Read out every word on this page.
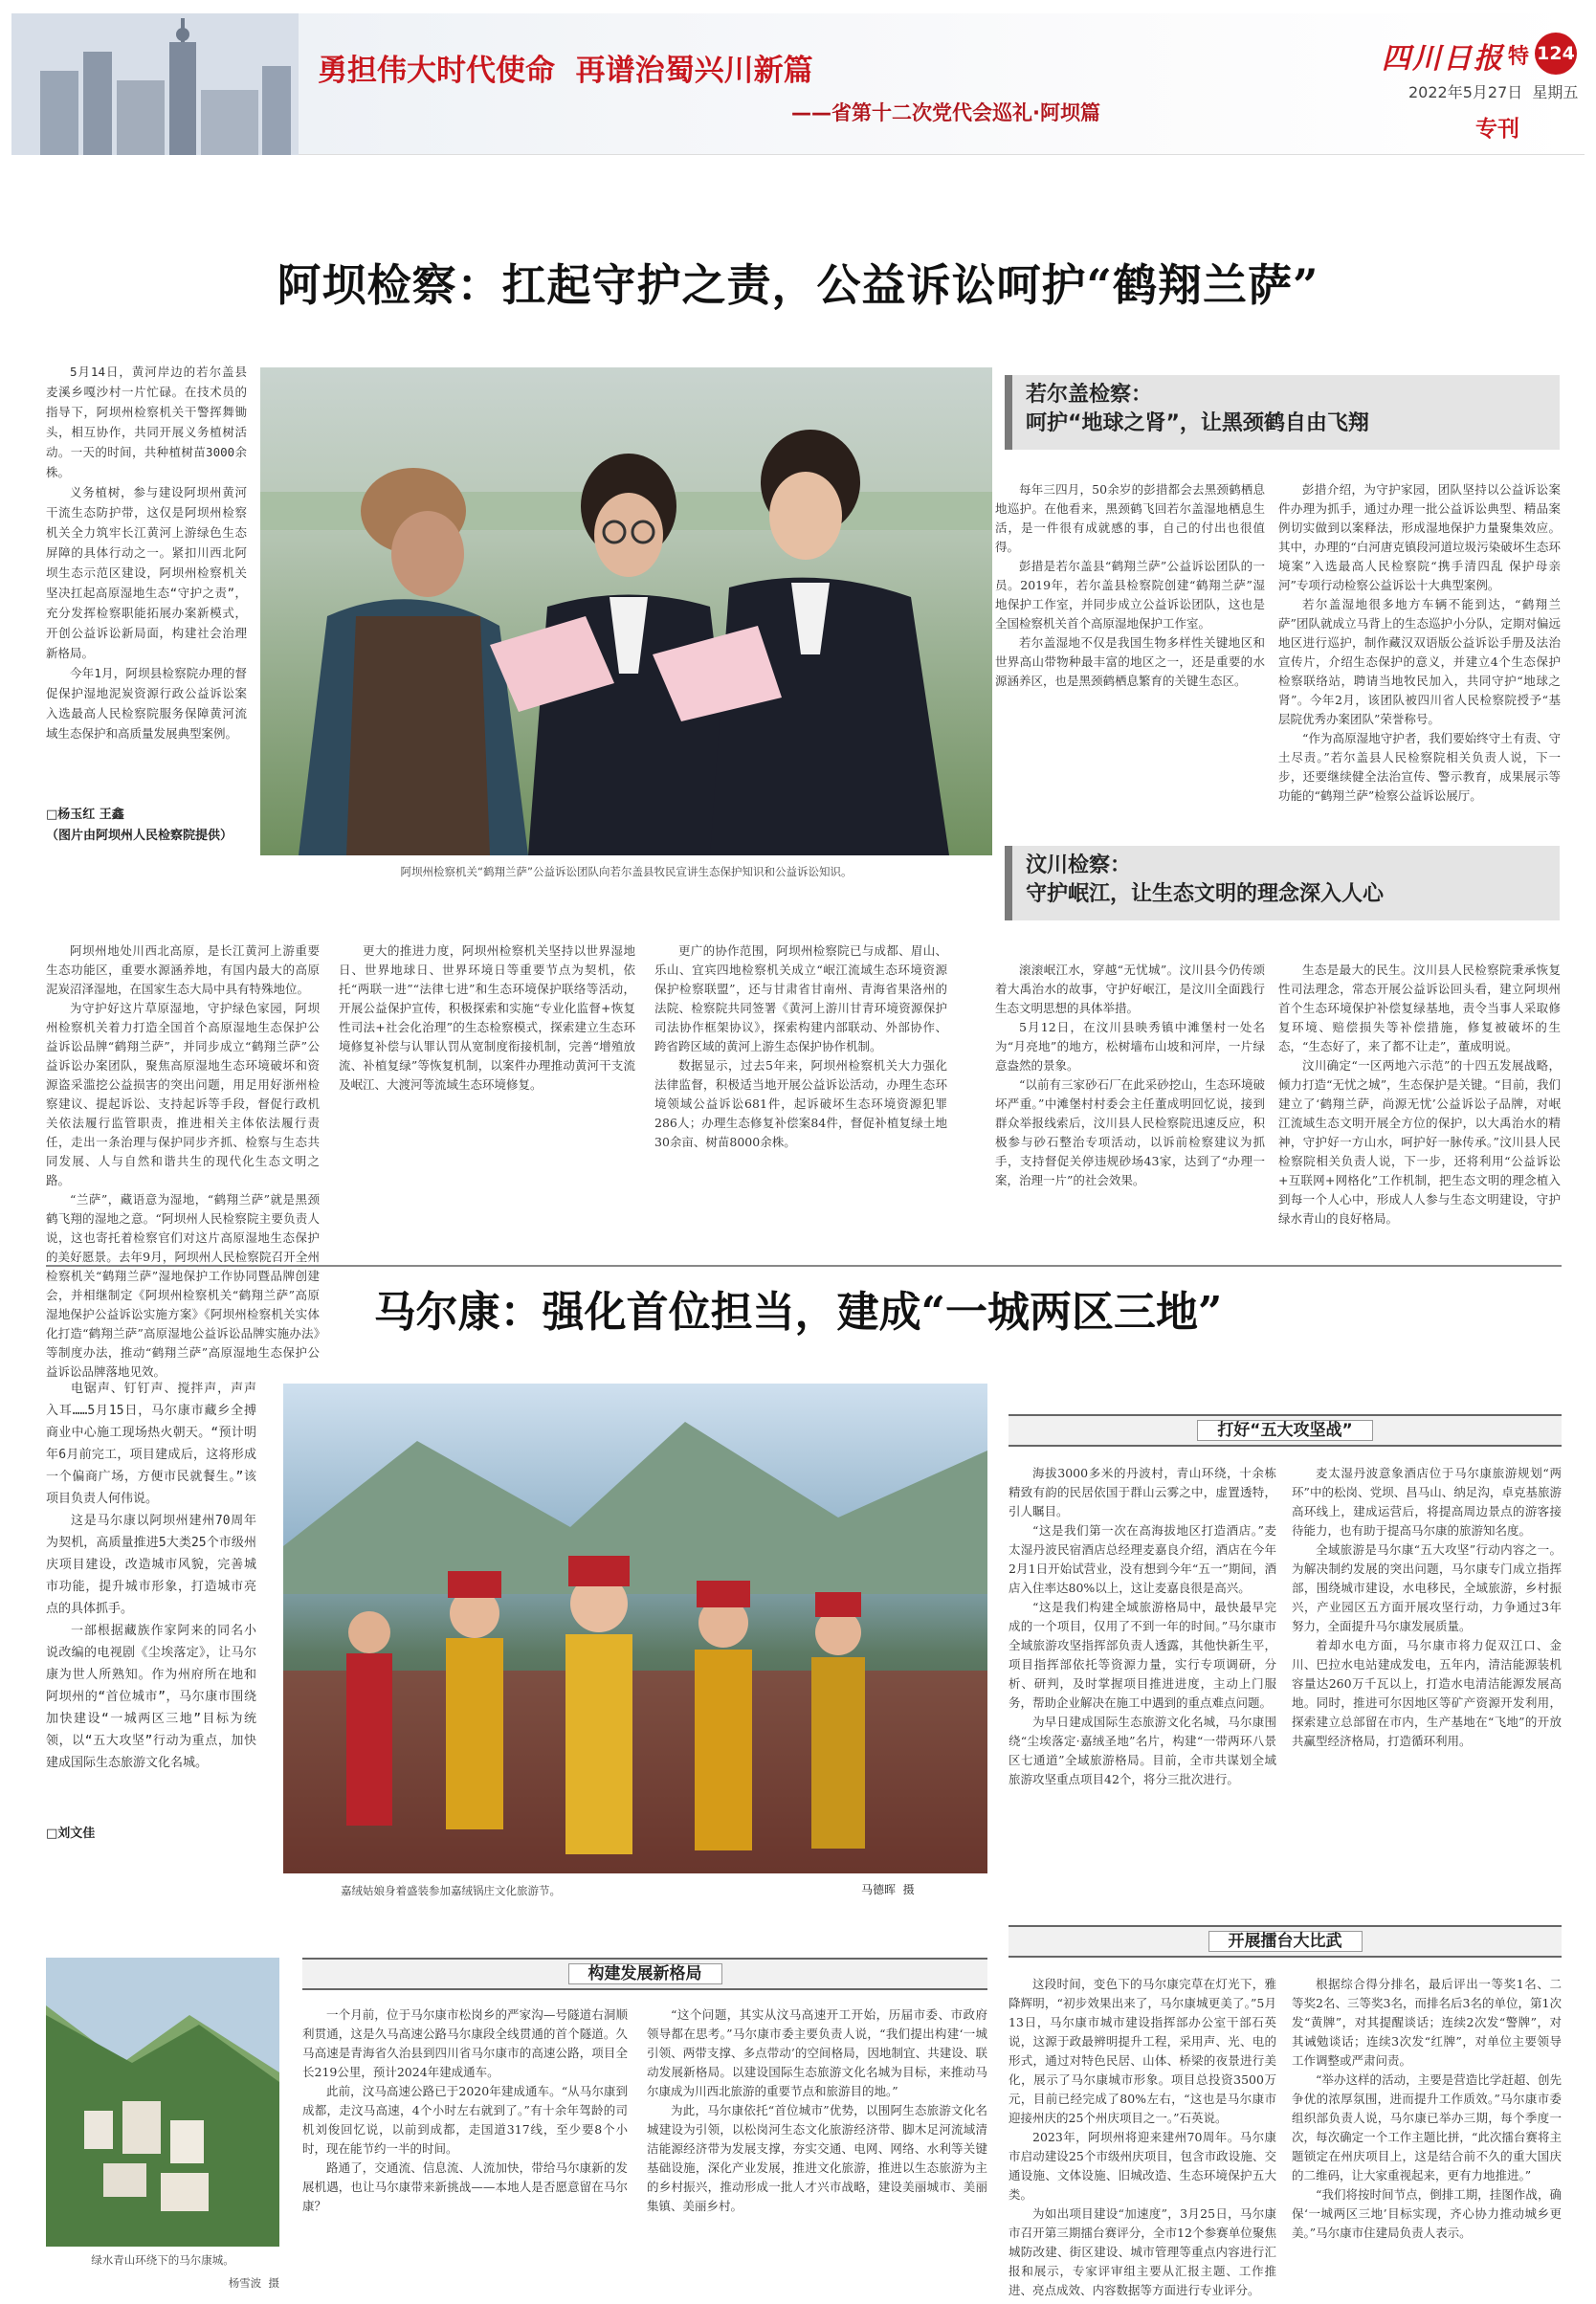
勇担伟大时代使命  再谱治蜀兴川新篇
——省第十二次党代会巡礼·阿坝篇
四川日报 特 124
2022年5月27日  星期五
专刊
阿坝检察：扛起守护之责，公益诉讼呵护“鹤翔兰萨”

5月14日，黄河岸边的若尔盖县麦溪乡嘎沙村一片忙碌。在技术员的指导下，阿坝州检察机关干警挥舞锄头，相互协作，共同开展义务植树活动。一天的时间，共种植树苗3000余株。

义务植树，参与建设阿坝州黄河干流生态防护带，这仅是阿坝州检察机关全力筑牢长江黄河上游绿色生态屏障的具体行动之一。紧扣川西北阿坝生态示范区建设，阿坝州检察机关坚决扛起高原湿地生态“守护之责”，充分发挥检察职能拓展办案新模式，开创公益诉讼新局面，构建社会治理新格局。

今年1月，阿坝县检察院办理的督促保护湿地泥炭资源行政公益诉讼案入选最高人民检察院服务保障黄河流域生态保护和高质量发展典型案例。

□杨玉红 王鑫
（图片由阿坝州人民检察院提供）
阿坝州检察机关“鹤翔兰萨”公益诉讼团队向若尔盖县牧民宣讲生态保护知识和公益诉讼知识。
若尔盖检察：
呵护“地球之肾”，让黑颈鹤自由飞翔

每年三四月，50余岁的彭措都会去黑颈鹤栖息地巡护。在他看来，黑颈鹤飞回若尔盖湿地栖息生活，是一件很有成就感的事，自己的付出也很值得。

彭措是若尔盖县“鹤翔兰萨”公益诉讼团队的一员。2019年，若尔盖县检察院创建“鹤翔兰萨”湿地保护工作室，并同步成立公益诉讼团队，这也是全国检察机关首个高原湿地保护工作室。

若尔盖湿地不仅是我国生物多样性关键地区和世界高山带物种最丰富的地区之一，还是重要的水源涵养区，也是黑颈鹤栖息繁育的关键生态区。

彭措介绍，为守护家园，团队坚持以公益诉讼案件办理为抓手，通过办理一批公益诉讼典型、精品案例切实做到以案释法，形成湿地保护力量聚集效应。其中，办理的“白河唐克镇段河道垃圾污染破坏生态环境案”入选最高人民检察院“携手清四乱 保护母亲河”专项行动检察公益诉讼十大典型案例。

若尔盖湿地很多地方车辆不能到达，“鹤翔兰萨”团队就成立马背上的生态巡护小分队，定期对偏远地区进行巡护，制作藏汉双语版公益诉讼手册及法治宣传片，介绍生态保护的意义，并建立4个生态保护检察联络站，聘请当地牧民加入，共同守护“地球之肾”。今年2月，该团队被四川省人民检察院授予“基层院优秀办案团队”荣誉称号。

“作为高原湿地守护者，我们要始终守土有责、守土尽责。”若尔盖县人民检察院相关负责人说，下一步，还要继续健全法治宣传、警示教育，成果展示等功能的“鹤翔兰萨”检察公益诉讼展厅。

汶川检察：
守护岷江，让生态文明的理念深入人心

阿坝州地处川西北高原，是长江黄河上游重要生态功能区，重要水源涵养地，有国内最大的高原泥炭沼泽湿地，在国家生态大局中具有特殊地位。

为守护好这片草原湿地，守护绿色家园，阿坝州检察机关着力打造全国首个高原湿地生态保护公益诉讼品牌“鹤翔兰萨”，并同步成立“鹤翔兰萨”公益诉讼办案团队，聚焦高原湿地生态环境破坏和资源盗采滥挖公益损害的突出问题，用足用好浙州检察建议、提起诉讼、支持起诉等手段，督促行政机关依法履行监管职责，推进相关主体依法履行责任，走出一条治理与保护同步齐抓、检察与生态共同发展、人与自然和谐共生的现代化生态文明之路。

“兰萨”，藏语意为湿地，“鹤翔兰萨”就是黑颈鹤飞翔的湿地之意。“阿坝州人民检察院主要负责人说，这也寄托着检察官们对这片高原湿地生态保护的美好愿景。去年9月，阿坝州人民检察院召开全州检察机关“鹤翔兰萨”湿地保护工作协同暨品牌创建会，并相继制定《阿坝州检察机关“鹤翔兰萨”高原湿地保护公益诉讼实施方案》《阿坝州检察机关实体化打造“鹤翔兰萨”高原湿地公益诉讼品牌实施办法》等制度办法，推动“鹤翔兰萨”高原湿地生态保护公益诉讼品牌落地见效。

更大的推进力度，阿坝州检察机关坚持以世界湿地日、世界地球日、世界环境日等重要节点为契机，依托“两联一进”“法律七进”和生态环境保护联络等活动，开展公益保护宣传，积极探索和实施“专业化监督+恢复性司法+社会化治理”的生态检察模式，探索建立生态环境修复补偿与认罪认罚从宽制度衔接机制，完善“增殖放流、补植复绿”等恢复机制，以案件办理推动黄河干支流及岷江、大渡河等流域生态环境修复。

更广的协作范围，阿坝州检察院已与成都、眉山、乐山、宜宾四地检察机关成立“岷江流域生态环境资源保护检察联盟”，还与甘肃省甘南州、青海省果洛州的法院、检察院共同签署《黄河上游川甘青环境资源保护司法协作框架协议》，探索构建内部联动、外部协作、跨省跨区域的黄河上游生态保护协作机制。

数据显示，过去5年来，阿坝州检察机关大力强化法律监督，积极适当地开展公益诉讼活动，办理生态环境领域公益诉讼681件，起诉破坏生态环境资源犯罪286人；办理生态修复补偿案84件，督促补植复绿土地30余亩、树苗8000余株。

滚滚岷江水，穿越“无忧城”。汶川县今仍传颂着大禹治水的故事，守护好岷江，是汶川全面践行生态文明思想的具体举措。

5月12日，在汶川县映秀镇中滩堡村一处名为“月亮地”的地方，松树墙布山坡和河岸，一片绿意盎然的景象。

“以前有三家砂石厂在此采砂挖山，生态环境破坏严重。”中滩堡村村委会主任董成明回忆说，接到群众举报线索后，汶川县人民检察院迅速反应，积极参与砂石整治专项活动，以诉前检察建议为抓手，支持督促关停违规砂场43家，达到了“办理一案，治理一片”的社会效果。

生态是最大的民生。汶川县人民检察院秉承恢复性司法理念，常态开展公益诉讼回头看，建立阿坝州首个生态环境保护补偿复绿基地，责令当事人采取修复环境、赔偿损失等补偿措施，修复被破坏的生态，“生态好了，来了都不让走”，董成明说。

汶川确定“一区两地六示范”的十四五发展战略，倾力打造“无忧之城”，生态保护是关键。“目前，我们建立了‘鹤翔兰萨，尚源无忧’公益诉讼子品牌，对岷江流域生态文明开展全方位的保护，以大禹治水的精神，守护好一方山水，呵护好一脉传承。”汶川县人民检察院相关负责人说，下一步，还将利用“公益诉讼+互联网+网格化”工作机制，把生态文明的理念植入到每一个人心中，形成人人参与生态文明建设，守护绿水青山的良好格局。

马尔康：强化首位担当，建成“一城两区三地”

电锯声、钉钉声、搅拌声，声声入耳……5月15日，马尔康市藏乡全搏商业中心施工现场热火朝天。“预计明年6月前完工，项目建成后，这将形成一个偏商广场，方便市民就餐生。”该项目负责人何伟说。

这是马尔康以阿坝州建州70周年为契机，高质量推进5大类25个市级州庆项目建设，改造城市风貌，完善城市功能，提升城市形象，打造城市亮点的具体抓手。

一部根据藏族作家阿来的同名小说改编的电视剧《尘埃落定》，让马尔康为世人所熟知。作为州府所在地和阿坝州的“首位城市”，马尔康市围绕加快建设“一城两区三地”目标为统领，以“五大攻坚”行动为重点，加快建成国际生态旅游文化名城。

□刘文佳
嘉绒姑娘身着盛装参加嘉绒锅庄文化旅游节。	马德晖  摄
绿水青山环绕下的马尔康城。
杨雪波  摄
打好“五大攻坚战”

海拔3000多米的丹波村，青山环绕，十余栋精致有韵的民居依国于群山云雾之中，虚置透特，引人瞩目。

“这是我们第一次在高海拔地区打造酒店。”麦太湿丹波民宿酒店总经理麦嘉良介绍，酒店在今年2月1日开始试营业，没有想到今年“五一”期间，酒店入住率达80%以上，这让麦嘉良很是高兴。

“这是我们构建全域旅游格局中，最快最早完成的一个项目，仅用了不到一年的时间。”马尔康市全域旅游攻坚指挥部负责人透露，其他快新生平，项目指挥部依托等资源力量，实行专项调研，分析、研判，及时掌握项目推进进度，主动上门服务，帮助企业解决在施工中遇到的重点难点问题。

为早日建成国际生态旅游文化名城，马尔康围绕“尘埃落定·嘉绒圣地”名片，构建“一带两环八景区七通道”全域旅游格局。目前，全市共谋划全域旅游攻坚重点项目42个，将分三批次进行。

麦太湿丹波意象酒店位于马尔康旅游规划“两环”中的松岗、党坝、昌马山、纳足沟，卓克基旅游高环线上，建成运营后，将提高周边景点的游客接待能力，也有助于提高马尔康的旅游知名度。

全域旅游是马尔康“五大攻坚”行动内容之一。为解决制约发展的突出问题，马尔康专门成立指挥部，围绕城市建设，水电移民，全域旅游，乡村振兴，产业园区五方面开展攻坚行动，力争通过3年努力，全面提升马尔康发展质量。

着却水电方面，马尔康市将力促双江口、金川、巴拉水电站建成发电，五年内，清洁能源装机容量达260万千瓦以上，打造水电清洁能源发展高地。同时，推进可尔因地区等矿产资源开发利用，探索建立总部留在市内，生产基地在“飞地”的开放共赢型经济格局，打造循环利用。

开展擂台大比武

这段时间，变色下的马尔康完草在灯光下，雅降辉明，“初步效果出来了，马尔康城更美了。”5月13日，马尔康市城市建设指挥部办公室干部石英说，这源于政最辨明提升工程，采用声、光、电的形式，通过对特色民居、山体、桥梁的夜景进行美化，展示了马尔康城市形象。项目总投资3500万元，目前已经完成了80%左右，“这也是马尔康市迎接州庆的25个州庆项目之一。”石英说。

2023年，阿坝州将迎来建州70周年。马尔康市启动建设25个市级州庆项目，包含市政设施、交通设施、文体设施、旧城改造、生态环境保护五大类。

为如出项目建设“加速度”，3月25日，马尔康市召开第三期擂台赛评分，全市12个参赛单位聚焦城防改建、街区建设、城市管理等重点内容进行汇报和展示，专家评审组主要从汇报主题、工作推进、亮点成效、内容数据等方面进行专业评分。

根据综合得分排名，最后评出一等奖1名、二等奖2名、三等奖3名，而排名后3名的单位，第1次发“黄牌”，对其提醒谈话；连续2次发“警牌”，对其诫勉谈话；连续3次发“红牌”，对单位主要领导工作调整或严肃问责。

“举办这样的活动，主要是营造比学赶超、创先争优的浓厚氛围，进而提升工作质效。”马尔康市委组织部负责人说，马尔康已举办三期，每个季度一次，每次确定一个工作主题比拼，“此次擂台赛将主题锁定在州庆项目上，这是结合前不久的重大国庆的二维码，让大家重视起来，更有力地推进。”

“我们将按时间节点，倒排工期，挂图作战，确保‘一城两区三地’目标实现，齐心协力推动城乡更美。”马尔康市住建局负责人表示。

构建发展新格局

一个月前，位于马尔康市松岗乡的严家沟—号隧道右洞顺利贯通，这是久马高速公路马尔康段全线贯通的首个隧道。久马高速是青海省久治县到四川省马尔康市的高速公路，项目全长219公里，预计2024年建成通车。

此前，汶马高速公路已于2020年建成通车。“从马尔康到成都，走汶马高速，4个小时左右就到了。”有十余年驾龄的司机刘俊回忆说，以前到成都，走国道317线，至少要8个小时，现在能节约一半的时间。

路通了，交通流、信息流、人流加快，带给马尔康新的发展机遇，也让马尔康带来新挑战——本地人是否愿意留在马尔康？

“这个问题，其实从汶马高速开工开始，历届市委、市政府领导都在思考。”马尔康市委主要负责人说，“我们提出构建‘一城引领、两带支撑、多点带动’的空间格局，因地制宜、共建设、联动发展新格局。以建设国际生态旅游文化名城为目标，来推动马尔康成为川西北旅游的重要节点和旅游目的地。”

为此，马尔康依托“首位城市”优势，以围阿生态旅游文化名城建设为引领，以松岗河生态文化旅游经济带、脚木足河流域清洁能源经济带为发展支撑，夯实交通、电网、网络、水利等关键基础设施，深化产业发展，推进文化旅游，推进以生态旅游为主的乡村振兴，推动形成一批人才兴市战略，建设美丽城市、美丽集镇、美丽乡村。
